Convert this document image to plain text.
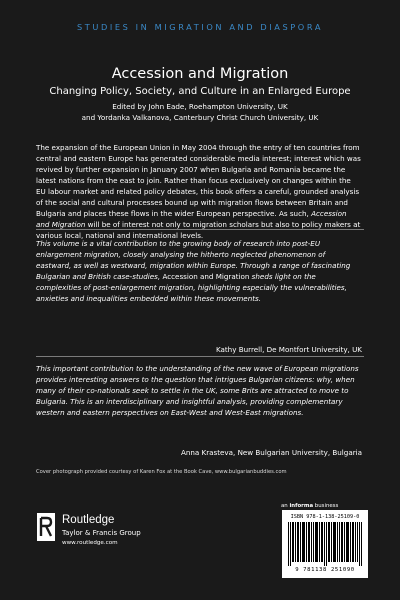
STUDIES IN MIGRATION AND DIASPORA
Accession and Migration
Changing Policy, Society, and Culture in an Enlarged Europe
Edited by John Eade, Roehampton University, UK
and Yordanka Valkanova, Canterbury Christ Church University, UK

The expansion of the European Union in May 2004 through the entry of ten countries from central and eastern Europe has generated considerable media interest; interest which was revived by further expansion in January 2007 when Bulgaria and Romania became the latest nations from the east to join. Rather than focus exclusively on changes within the EU labour market and related policy debates, this book offers a careful, grounded analysis of the social and cultural processes bound up with migration flows between Britain and Bulgaria and places these flows in the wider European perspective. As such, Accession and Migration will be of interest not only to migration scholars but also to policy makers at various local, national and international levels.

This volume is a vital contribution to the growing body of research into post-EU enlargement migration, closely analysing the hitherto neglected phenomenon of eastward, as well as westward, migration within Europe. Through a range of fascinating Bulgarian and British case-studies, Accession and Migration sheds light on the complexities of post-enlargement migration, highlighting especially the vulnerabilities, anxieties and inequalities embedded within these movements.

Kathy Burrell, De Montfort University, UK

This important contribution to the understanding of the new wave of European migrations provides interesting answers to the question that intrigues Bulgarian citizens: why, when many of their co-nationals seek to settle in the UK, some Brits are attracted to move to Bulgaria. This is an interdisciplinary and insightful analysis, providing complementary western and eastern perspectives on East-West and West-East migrations.

Anna Krasteva, New Bulgarian University, Bulgaria
Cover photograph provided courtesy of Karen Fox at the Book Cave, www.bulgarianbuddies.com
an informa business
Routledge
Taylor & Francis Group
www.routledge.com
ISBN 978-1-138-25109-0
9 781138 251090
